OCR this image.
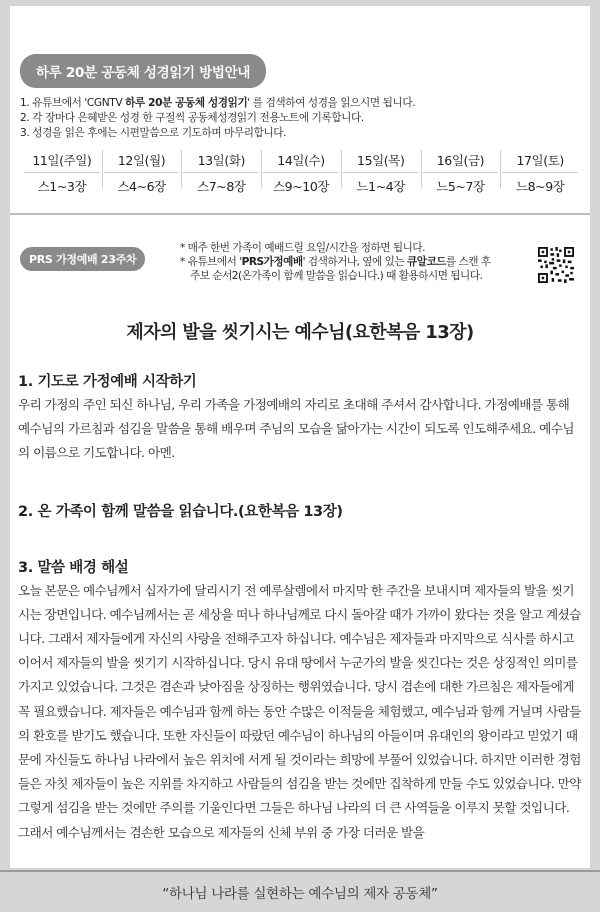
하루 20분 공동체 성경읽기 방법안내
1. 유튜브에서 'CGNTV 하루 20분 공동체 성경읽기' 를 검색하여 성경을 읽으시면 됩니다.
2. 각 장마다 은혜받은 성경 한 구절씩 공동체성경읽기 전용노트에 기록합니다.
3. 성경을 읽은 후에는 시편말씀으로 기도하며 마무리합니다.
11일(주일)
스1~3장
12일(월)
스4~6장
13일(화)
스7~8장
14일(수)
스9~10장
15일(목)
느1~4장
16일(금)
느5~7장
17일(토)
느8~9장
PRS 가정예배 23주차
* 매주 한번 가족이 예배드릴 요일/시간을 정하면 됩니다.
* 유튜브에서 'PRS가정예배' 검색하거나, 옆에 있는 큐알코드를 스캔 후
주보 순서2(온가족이 함께 말씀을 읽습니다.) 때 활용하시면 됩니다.
제자의 발을 씻기시는 예수님(요한복음 13장)
1. 기도로 가정예배 시작하기
우리 가정의 주인 되신 하나님, 우리 가족을 가정예배의 자리로 초대해 주셔서 감사합니다. 가정예배를 통해 예수님의 가르침과 섬김을 말씀을 통해 배우며 주님의 모습을 닮아가는 시간이 되도록 인도해주세요. 예수님의 이름으로 기도합니다. 아멘.
2. 온 가족이 함께 말씀을 읽습니다.(요한복음 13장)
3. 말씀 배경 해설
오늘 본문은 예수님께서 십자가에 달리시기 전 예루살렘에서 마지막 한 주간을 보내시며 제자들의 발을 씻기시는 장면입니다. 예수님께서는 곧 세상을 떠나 하나님께로 다시 돌아갈 때가 가까이 왔다는 것을 알고 계셨습니다. 그래서 제자들에게 자신의 사랑을 전해주고자 하십니다. 예수님은 제자들과 마지막으로 식사를 하시고 이어서 제자들의 발을 씻기기 시작하십니다. 당시 유대 땅에서 누군가의 발을 씻긴다는 것은 상징적인 의미를 가지고 있었습니다. 그것은 겸손과 낮아짐을 상징하는 행위였습니다. 당시 겸손에 대한 가르침은 제자들에게 꼭 필요했습니다. 제자들은 예수님과 함께 하는 동안 수많은 이적들을 체험했고, 예수님과 함께 거닐며 사람들의 환호를 받기도 했습니다. 또한 자신들이 따랐던 예수님이 하나님의 아들이며 유대인의 왕이라고 믿었기 때문에 자신들도 하나님 나라에서 높은 위치에 서게 될 것이라는 희망에 부풀어 있었습니다. 하지만 이러한 경험들은 자칫 제자들이 높은 지위를 차지하고 사람들의 섬김을 받는 것에만 집착하게 만들 수도 있었습니다. 만약 그렇게 섬김을 받는 것에만 주의를 기울인다면 그들은 하나님 나라의 더 큰 사역들을 이루지 못할 것입니다. 그래서 예수님께서는 겸손한 모습으로 제자들의 신체 부위 중 가장 더러운 발을
“하나님 나라를 실현하는 예수님의 제자 공동체”
